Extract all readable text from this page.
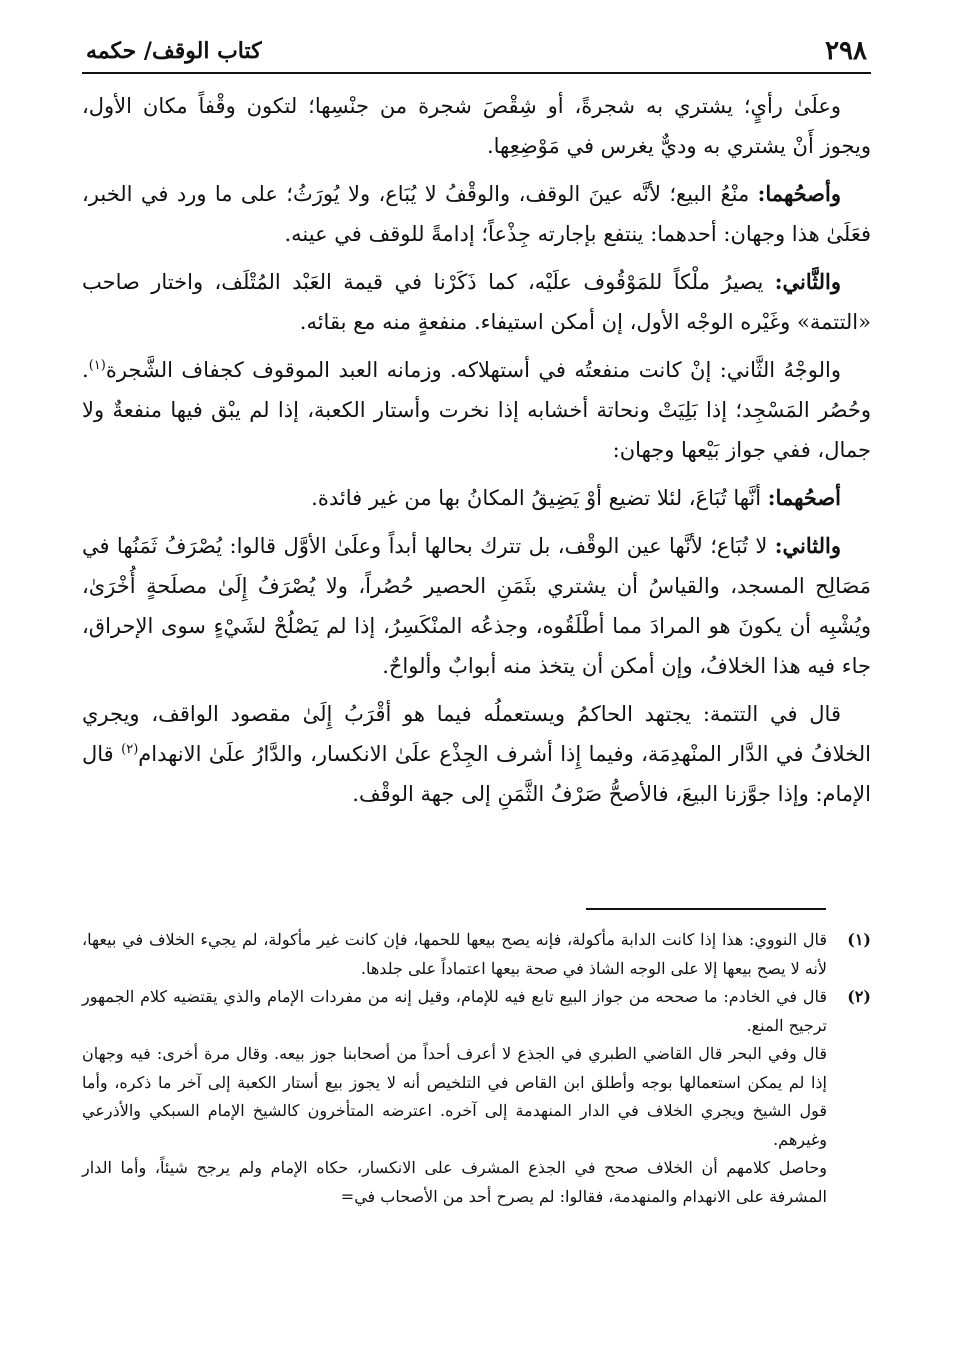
٢٩٨
كتاب الوقف/ حكمه

وعلَىٰ رأيٍ؛ يشتري به شجرةً، أو شِقْصَ شجرة من جنْسِها؛ لتكون وقْفاً مكان الأول، ويجوز أَنْ يشتري به وديٌّ يغرس في مَوْضِعِها.

وأصحُهما: منْعُ البيع؛ لأنَّه عينَ الوقف، والوقْفُ لا يُبَاع، ولا يُورَثُ؛ على ما ورد في الخبر، فعَلَىٰ هذا وجهان: أحدهما: ينتفع بإجارته جِذْعاً؛ إدامةً للوقف في عينه.

والثَّاني: يصيرُ ملْكاً للمَوْقُوف علَيْه، كما ذَكَرْنا في قيمة العَبْد المُتْلَف، واختار صاحب «التتمة» وغَيْره الوجْه الأول، إن أمكن استيفاء. منفعةٍ منه مع بقائه.

والوجْهُ الثَّاني: إنْ كانت منفعتُه في أستهلاكه. وزمانه العبد الموقوف كجفاف الشَّجرة$^{(١)}$. وحُصُر المَسْجِد؛ إذا بَلِيَتْ ونحاتة أخشابه إذا نخرت وأستار الكعبة، إذا لم يبْق فيها منفعةٌ ولا جمال، ففي جواز بَيْعها وجهان:

أصحُهما: أنَّها تُبَاعَ، لئلا تضيع أوْ يَضِيقُ المكانُ بها من غير فائدة.

والثاني: لا تُبَاع؛ لأنَّها عين الوقْف، بل تترك بحالها أبداً وعلَىٰ الأوَّل قالوا: يُصْرَفُ ثَمَنُها في مَصَالِح المسجد، والقياسُ أن يشتري بثَمَنِ الحصير حُصُراً، ولا يُصْرَفُ إِلَىٰ مصلَحةٍ أُخْرَىٰ، ويُشْبِه أن يكونَ هو المرادَ مما أطْلَقُوه، وجذعُه المنْكَسِرُ، إذا لم يَصْلُحْ لشَيْءٍ سوى الإحراق، جاء فيه هذا الخلافُ، وإن أمكن أن يتخذ منه أبوابٌ وألواحٌ.

قال في التتمة: يجتهد الحاكمُ ويستعملُه فيما هو أقْرَبُ إِلَىٰ مقصود الواقف، ويجري الخلافُ في الدَّار المنْهدِمَة، وفيما إِذا أشرف الجِذْع علَىٰ الانكسار، والدَّارُ علَىٰ الانهدام$^{(٢)}$ قال الإمام: وإذا جوَّزنا البيعَ، فالأصحُّ صَرْفُ الثَّمَنِ إلى جهة الوقْف.

(١)
قال النووي: هذا إذا كانت الدابة مأكولة، فإنه يصح بيعها للحمها، فإن كانت غير مأكولة، لم يجيء الخلاف في بيعها، لأنه لا يصح بيعها إلا على الوجه الشاذ في صحة بيعها اعتماداً على جلدها.
(٢)
قال في الخادم: ما صححه من جواز البيع تابع فيه للإمام، وقيل إنه من مفردات الإمام والذي يقتضيه كلام الجمهور ترجيح المنع.
قال وفي البحر قال القاضي الطبري في الجذع لا أعرف أحداً من أصحابنا جوز بيعه. وقال مرة أخرى: فيه وجهان إذا لم يمكن استعمالها بوجه وأطلق ابن القاص في التلخيص أنه لا يجوز بيع أستار الكعبة إلى آخر ما ذكره، وأما قول الشيخ ويجري الخلاف في الدار المنهدمة إلى آخره. اعترضه المتأخرون كالشيخ الإمام السبكي والأذرعي وغيرهم.
وحاصل كلامهم أن الخلاف صحح في الجذع المشرف على الانكسار، حكاه الإمام ولم يرجح شيئاً، وأما الدار المشرفة على الانهدام والمنهدمة، فقالوا: لم يصرح أحد من الأصحاب في=
